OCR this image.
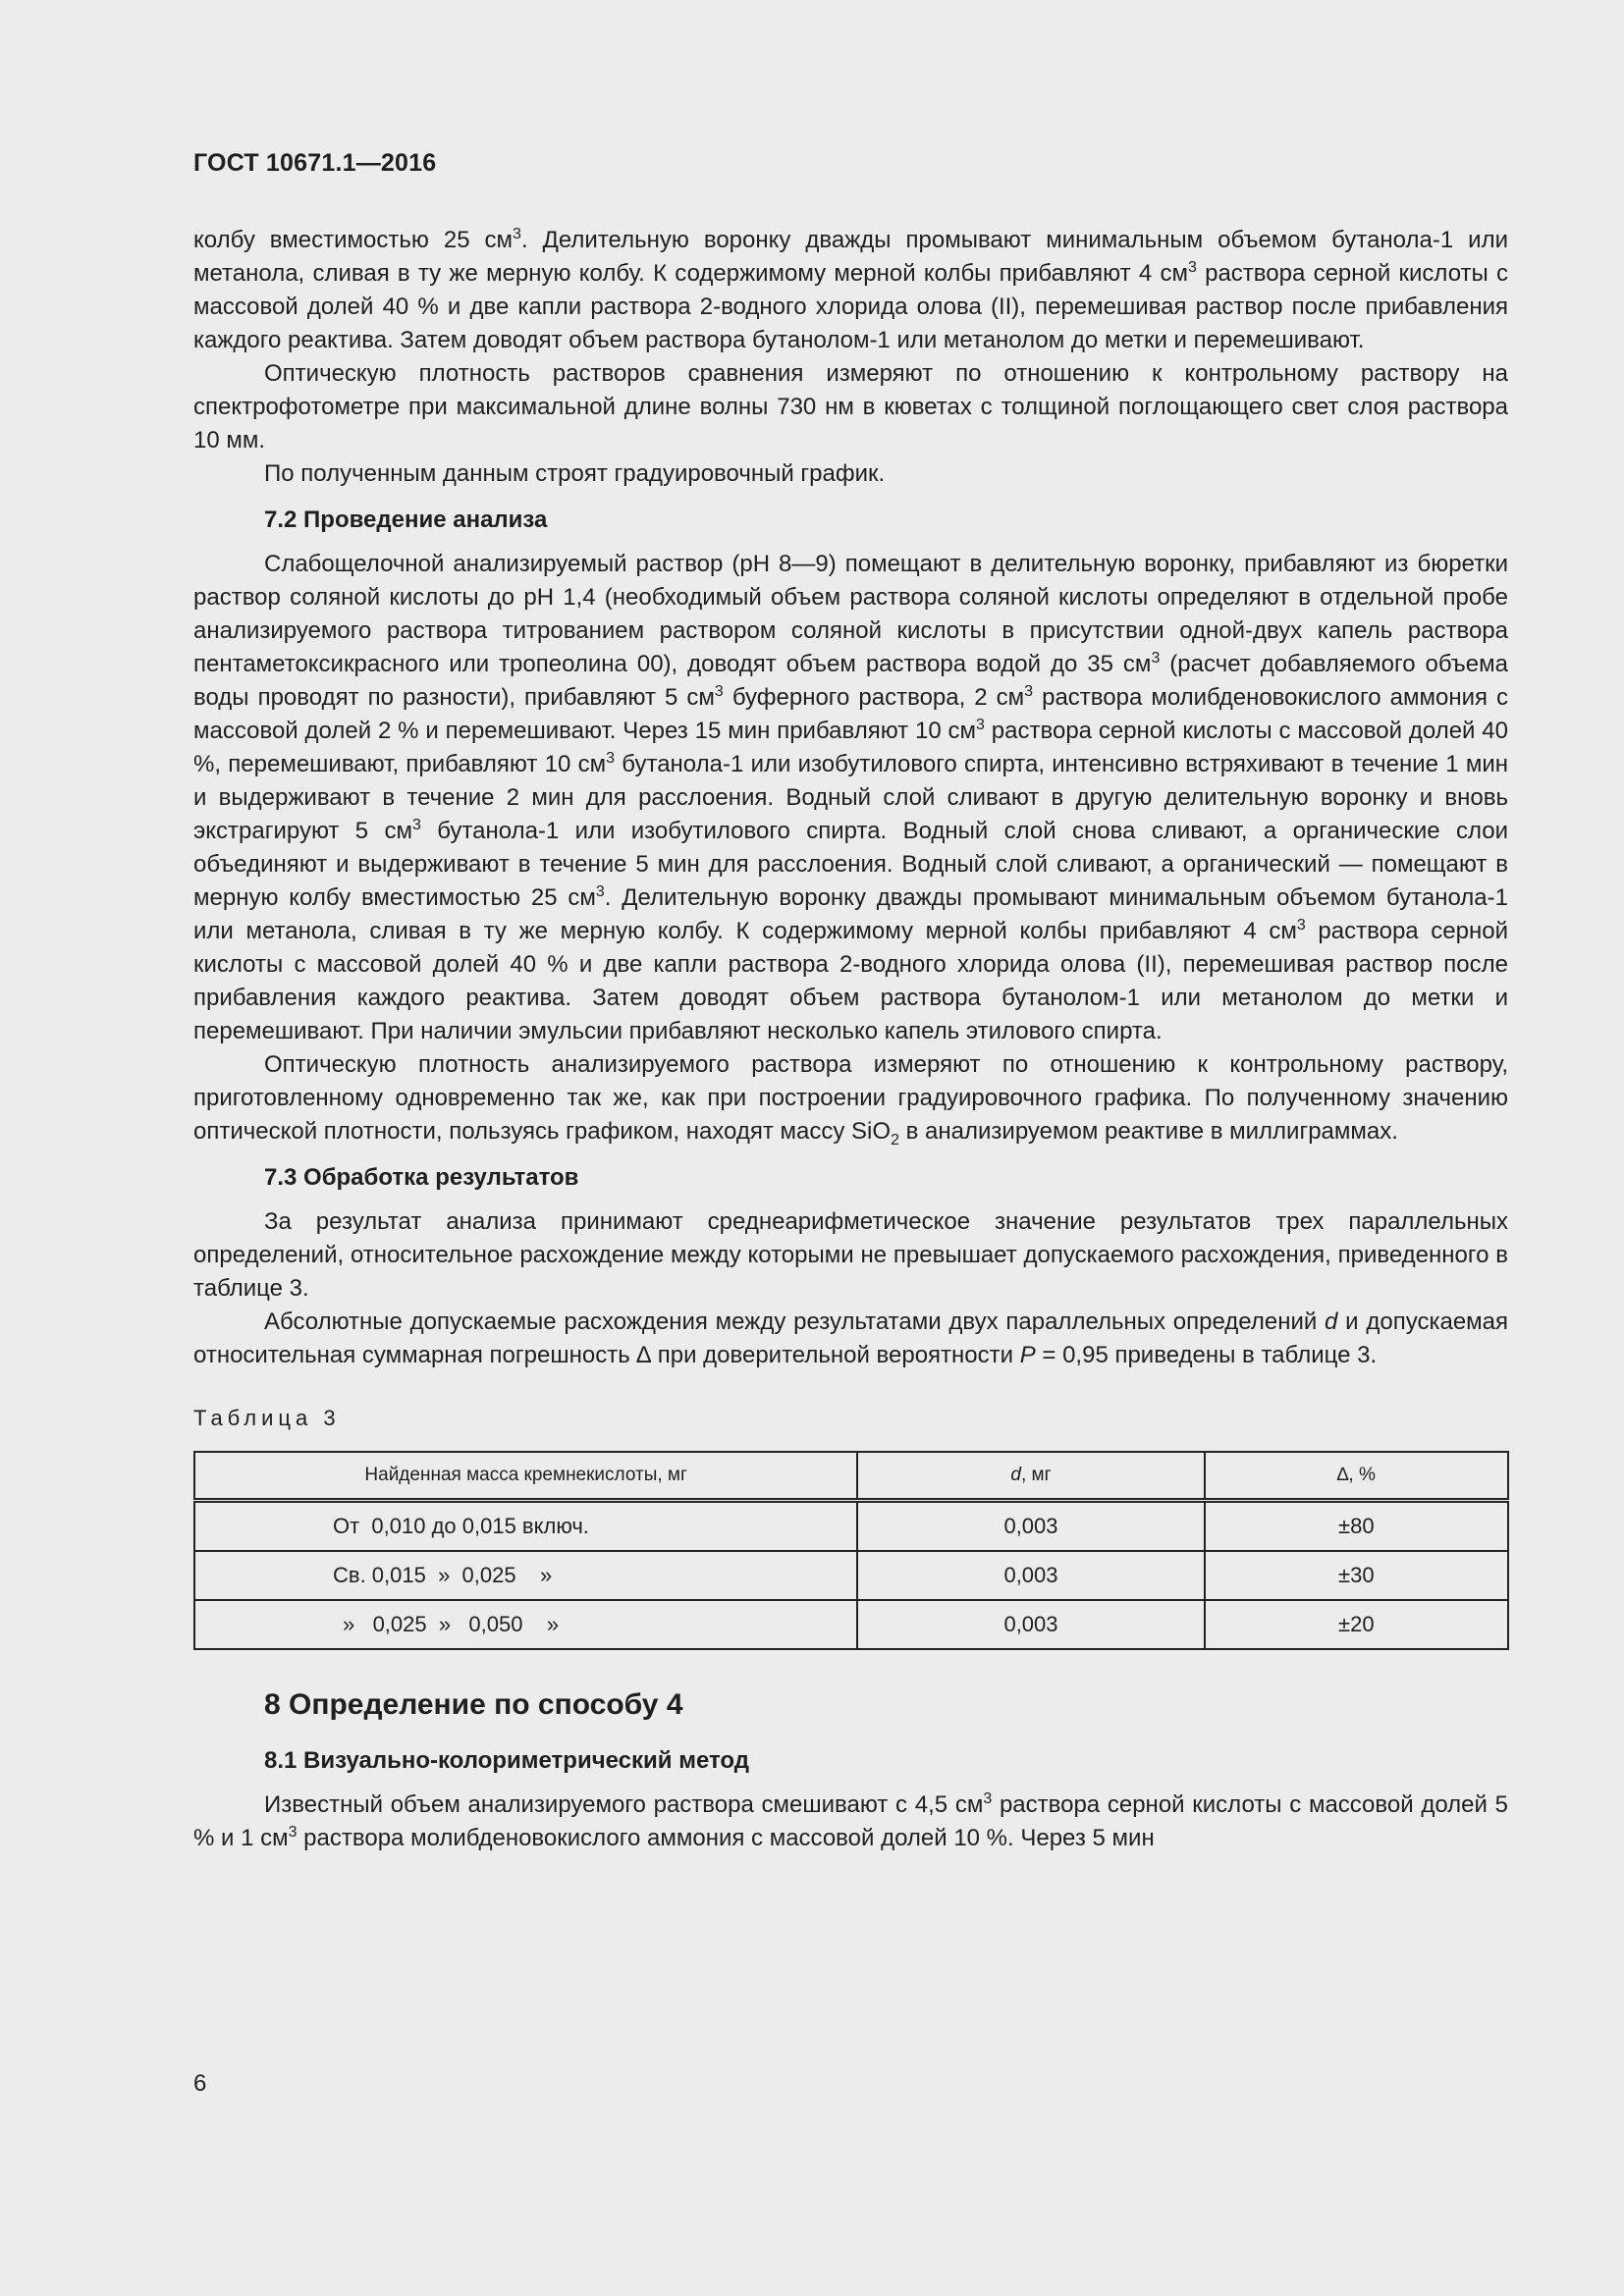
ГОСТ 10671.1—2016

колбу вместимостью 25 $см^3$. Делительную воронку дважды промывают минимальным объемом бутанола-1 или метанола, сливая в ту же мерную колбу. К содержимому мерной колбы прибавляют 4 $см^3$ раствора серной кислоты с массовой долей 40 % и две капли раствора 2-водного хлорида олова (II), перемешивая раствор после прибавления каждого реактива. Затем доводят объем раствора бутанолом-1 или метанолом до метки и перемешивают.

Оптическую плотность растворов сравнения измеряют по отношению к контрольному раствору на спектрофотометре при максимальной длине волны 730 нм в кюветах с толщиной поглощающего свет слоя раствора 10 мм.

По полученным данным строят градуировочный график.

7.2 Проведение анализа

Слабощелочной анализируемый раствор (pH 8—9) помещают в делительную воронку, прибавляют из бюретки раствор соляной кислоты до pH 1,4 (необходимый объем раствора соляной кислоты определяют в отдельной пробе анализируемого раствора титрованием раствором соляной кислоты в присутствии одной-двух капель раствора пентаметоксикрасного или тропеолина 00), доводят объем раствора водой до 35 $см^3$ (расчет добавляемого объема воды проводят по разности), прибавляют 5 $см^3$ буферного раствора, 2 $см^3$ раствора молибденовокислого аммония с массовой долей 2 % и перемешивают. Через 15 мин прибавляют 10 $см^3$ раствора серной кислоты с массовой долей 40 %, перемешивают, прибавляют 10 $см^3$ бутанола-1 или изобутилового спирта, интенсивно встряхивают в течение 1 мин и выдерживают в течение 2 мин для расслоения. Водный слой сливают в другую делительную воронку и вновь экстрагируют 5 $см^3$ бутанола-1 или изобутилового спирта. Водный слой снова сливают, а органические слои объединяют и выдерживают в течение 5 мин для расслоения. Водный слой сливают, а органический — помещают в мерную колбу вместимостью 25 $см^3$. Делительную воронку дважды промывают минимальным объемом бутанола-1 или метанола, сливая в ту же мерную колбу. К содержимому мерной колбы прибавляют 4 $см^3$ раствора серной кислоты с массовой долей 40 % и две капли раствора 2-водного хлорида олова (II), перемешивая раствор после прибавления каждого реактива. Затем доводят объем раствора бутанолом-1 или метанолом до метки и перемешивают. При наличии эмульсии прибавляют несколько капель этилового спирта.

Оптическую плотность анализируемого раствора измеряют по отношению к контрольному раствору, приготовленному одновременно так же, как при построении градуировочного графика. По полученному значению оптической плотности, пользуясь графиком, находят массу SiO$_2$ в анализируемом реактиве в миллиграммах.

7.3 Обработка результатов

За результат анализа принимают среднеарифметическое значение результатов трех параллельных определений, относительное расхождение между которыми не превышает допускаемого расхождения, приведенного в таблице 3.

Абсолютные допускаемые расхождения между результатами двух параллельных определений d и допускаемая относительная суммарная погрешность ∆ при доверительной вероятности P = 0,95 приведены в таблице 3.

Таблица 3
Найденная масса кремнекислоты, мг	d, мг	∆, %
От  0,010 до 0,015 включ.	0,003	±80
Св. 0,015  »  0,025    »	0,003	±30
»   0,025  »   0,050    »	0,003	±20
8 Определение по способу 4
8.1 Визуально-колориметрический метод

Известный объем анализируемого раствора смешивают с 4,5 $см^3$ раствора серной кислоты с массовой долей 5 % и 1 $см^3$ раствора молибденовокислого аммония с массовой долей 10 %. Через 5 мин

6
